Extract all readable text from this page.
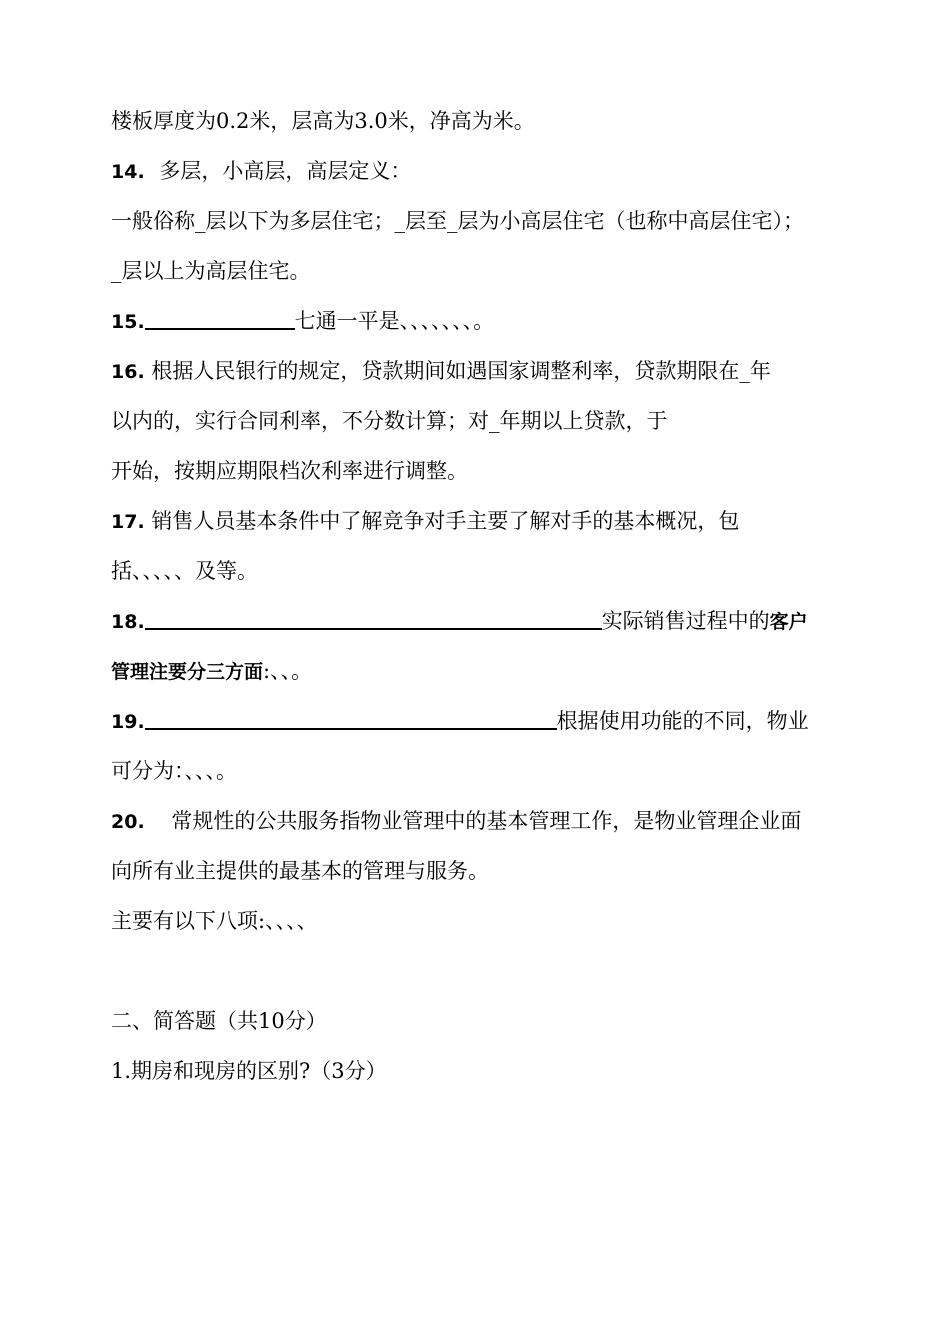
楼板厚度为0.2米，层高为3.0米，净高为米。
14. 多层，小高层，高层定义：
一般俗称_层以下为多层住宅；_层至_层为小高层住宅（也称中高层住宅）；
_层以上为高层住宅。
15.	七通一平是、、、、、、、。
16. 根据人民银行的规定，贷款期间如遇国家调整利率，贷款期限在_年
以内的，实行合同利率，不分数计算；对_年期以上贷款，于
开始，按期应期限档次利率进行调整。
17. 销售人员基本条件中了解竞争对手主要了解对手的基本概况，包
括、、、、、及等。
18.	实际销售过程中的客户
管理注要分三方面:、、。
19.	根据使用功能的不同，物业
可分为：、、、。
20. 常规性的公共服务指物业管理中的基本管理工作，是物业管理企业面
向所有业主提供的最基本的管理与服务。
主要有以下八项:、、、、
二、简答题（共10分）
1.期房和现房的区别?（3分）
